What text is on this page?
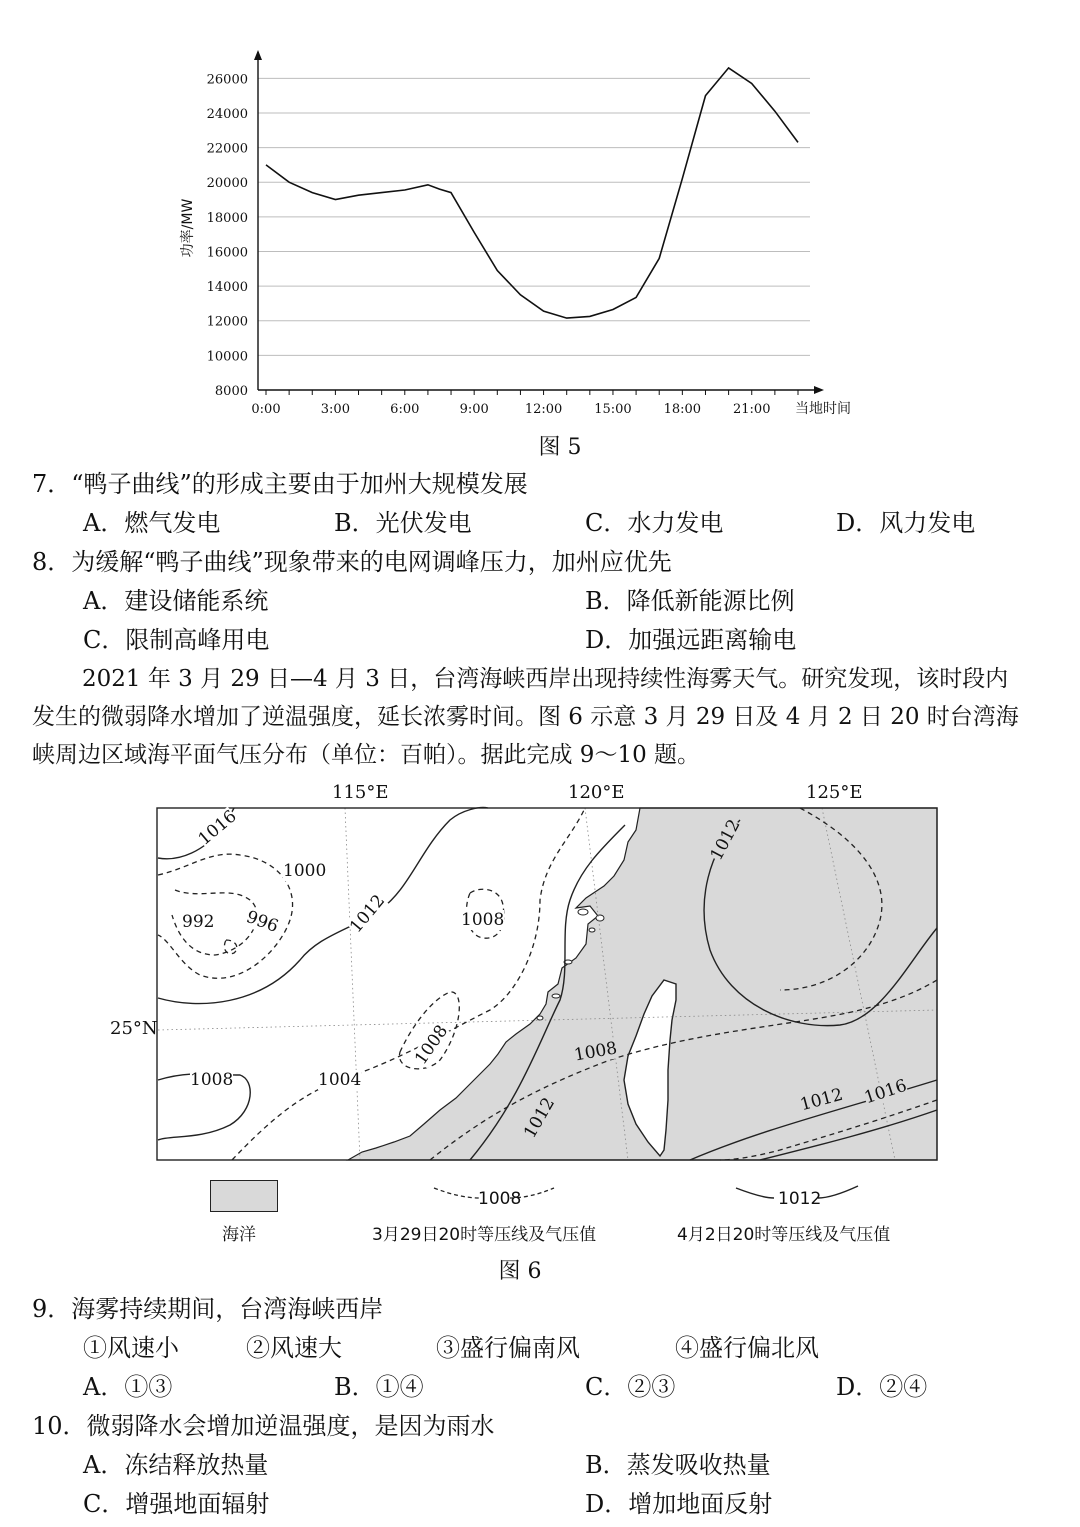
8000
10000
12000
14000
16000
18000
20000
22000
24000
26000
0:00	3:00	6:00	9:00	12:00 15:00 18:00 21:00
功率/MW
当地时间
图 5
7．“鸭子曲线”的形成主要由于加州大规模发展
A．燃气发电	B．光伏发电	C．水力发电	D．风力发电
8．为缓解“鸭子曲线”现象带来的电网调峰压力，加州应优先
A．建设储能系统	B．降低新能源比例
C．限制高峰用电	D．加强远距离输电
2021 年 3 月 29 日—4 月 3 日，台湾海峡西岸出现持续性海雾天气。研究发现，该时段内发生的微弱降水增加了逆温强度，延长浓雾时间。图 6 示意 3 月 29 日及 4 月 2 日 20 时台湾海峡周边区域海平面气压分布（单位：百帕）。据此完成 9～10 题。
115°E	120°E	125°E
25°N
1016
1000
992 996	1012	1008
1008
1008	1004
1012
1008
1012	1012 1016
海洋
1008
3月29日20时等压线及气压值
1012
4月2日20时等压线及气压值
图 6
9．海雾持续期间，台湾海峡西岸
①风速小	②风速大	③盛行偏南风	④盛行偏北风
A．①③	B．①④	C．②③	D．②④
10．微弱降水会增加逆温强度，是因为雨水
A．冻结释放热量	B．蒸发吸收热量
C．增强地面辐射	D．增加地面反射
